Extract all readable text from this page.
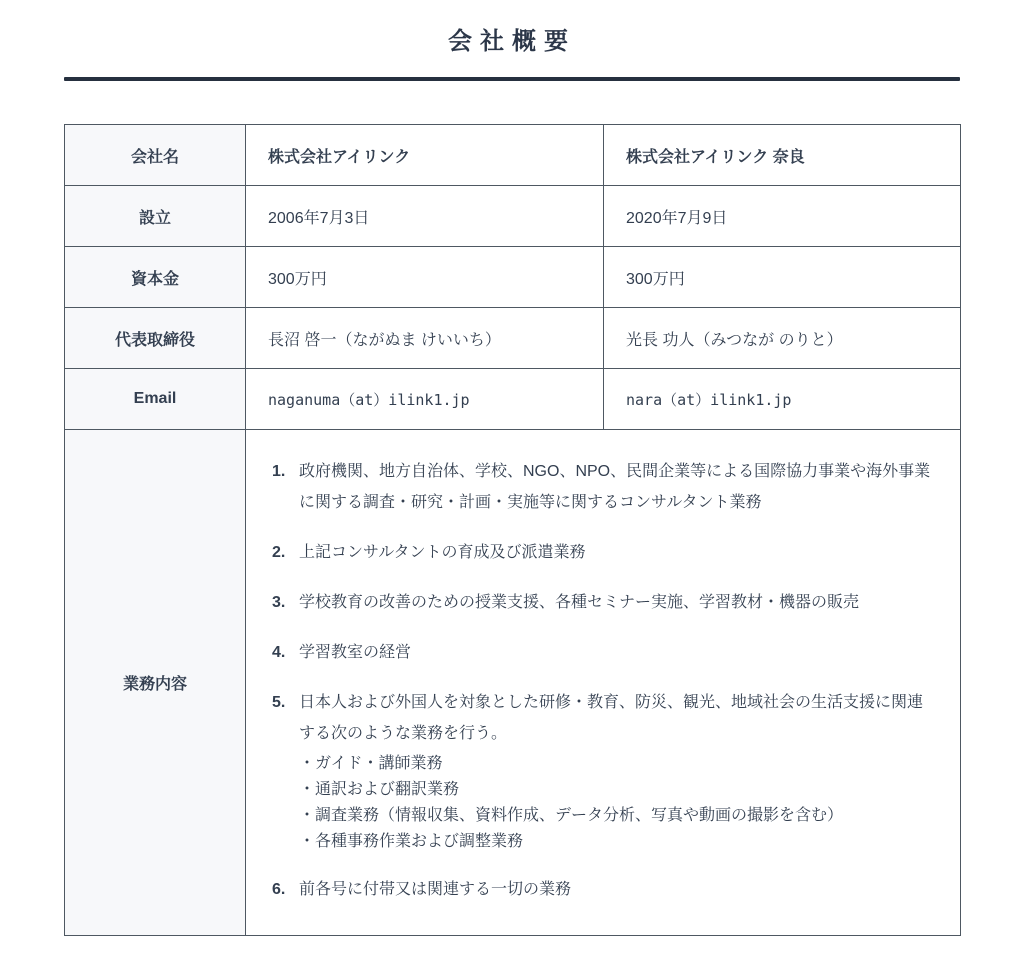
会社概要
会社名	株式会社アイリンク	株式会社アイリンク 奈良
設立	2006年7月3日	2020年7月9日
資本金	300万円	300万円
代表取締役	長沼 啓一（ながぬま けいいち）	光長 功人（みつなが のりと）
Email	naganuma（at）ilink1.jp	nara（at）ilink1.jp
業務内容	
1. 政府機関、地方自治体、学校、NGO、NPO、民間企業等による国際協力事業や海外事業に関する調査・研究・計画・実施等に関するコンサルタント業務
2. 上記コンサルタントの育成及び派遣業務
3. 学校教育の改善のための授業支援、各種セミナー実施、学習教材・機器の販売
4. 学習教室の経営
5. 日本人および外国人を対象とした研修・教育、防災、観光、地域社会の生活支援に関連する次のような業務を行う。
・ガイド・講師業務
・通訳および翻訳業務
・調査業務（情報収集、資料作成、データ分析、写真や動画の撮影を含む）
・各種事務作業および調整業務
6. 前各号に付帯又は関連する一切の業務
